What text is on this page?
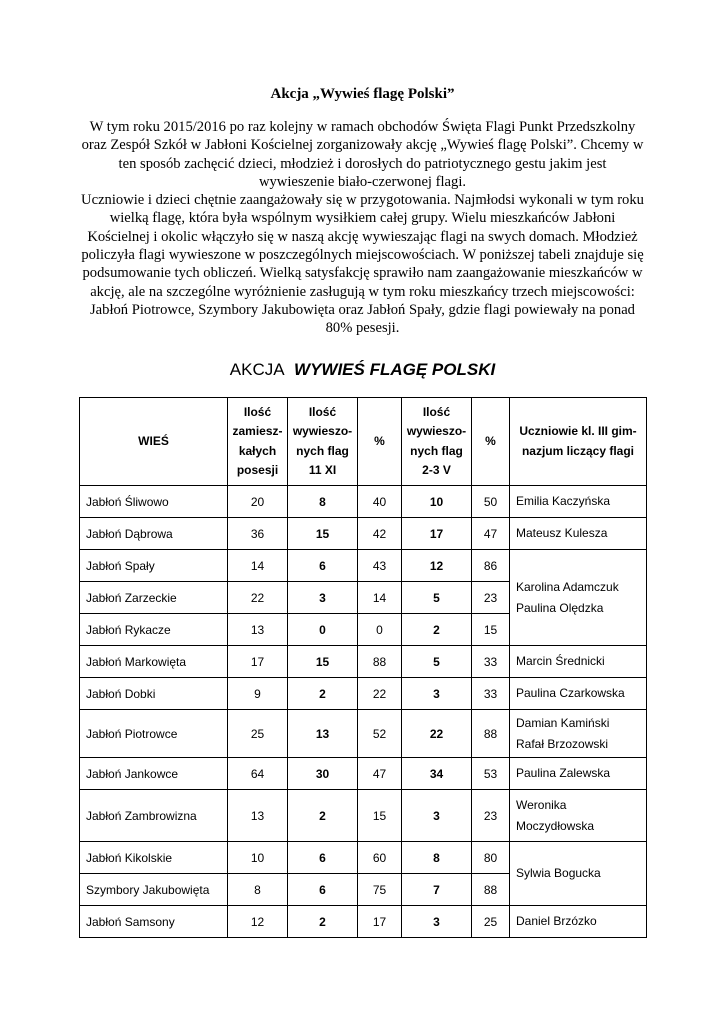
Akcja „Wywieś flagę Polski”

W tym roku 2015/2016 po raz kolejny w ramach obchodów Święta Flagi Punkt Przedszkolny oraz Zespół Szkół w Jabłoni Kościelnej zorganizowały akcję „Wywieś flagę Polski”. Chcemy w ten sposób zachęcić dzieci, młodzież i dorosłych do patriotycznego gestu jakim jest wywieszenie biało-czerwonej flagi.

Uczniowie i dzieci chętnie zaangażowały się w przygotowania. Najmłodsi wykonali w tym roku wielką flagę, która była wspólnym wysiłkiem całej grupy. Wielu mieszkańców Jabłoni Kościelnej i okolic włączyło się w naszą akcję wywieszając flagi na swych domach. Młodzież policzyła flagi wywieszone w poszczególnych miejscowościach. W poniższej tabeli znajduje się podsumowanie tych obliczeń. Wielką satysfakcję sprawiło nam zaangażowanie mieszkańców w akcję, ale na szczególne wyróżnienie zasługują w tym roku mieszkańcy trzech miejscowości: Jabłoń Piotrowce, Szymbory Jakubowięta oraz Jabłoń Spały, gdzie flagi powiewały na ponad 80% pesesji.

AKCJA WYWIEŚ FLAGĘ POLSKI
WIEŚ	Ilość
zamiesz-
kałych
posesji	Ilość
wywieszo-
nych flag
11 XI	%	Ilość
wywieszo-
nych flag
2-3 V	%	Uczniowie kl. III gim-
nazjum liczący flagi

Jabłoń Śliwowo	20	8	40	10	50	Emilia Kaczyńska

Jabłoń Dąbrowa	36	15	42	17	47	Mateusz Kulesza

Jabłoń Spały	14	6	43	12	86	Karolina Adamczuk
Paulina Olędzka

Jabłoń Zarzeckie	22	3	14	5	23	
Jabłoń Rykacze	13	0	0	2	15	
Jabłoń Markowięta	17	15	88	5	33	Marcin Średnicki

Jabłoń Dobki	9	2	22	3	33	Paulina Czarkowska

Jabłoń Piotrowce	25	13	52	22	88	Damian Kamiński
Rafał Brzozowski

Jabłoń Jankowce	64	30	47	34	53	Paulina Zalewska

Jabłoń Zambrowizna	13	2	15	3	23	Weronika
Moczydłowska

Jabłoń Kikolskie	10	6	60	8	80	Sylwia Bogucka

Szymbory Jakubowięta	8	6	75	7	88	
Jabłoń Samsony	12	2	17	3	25	Daniel Brzózko
